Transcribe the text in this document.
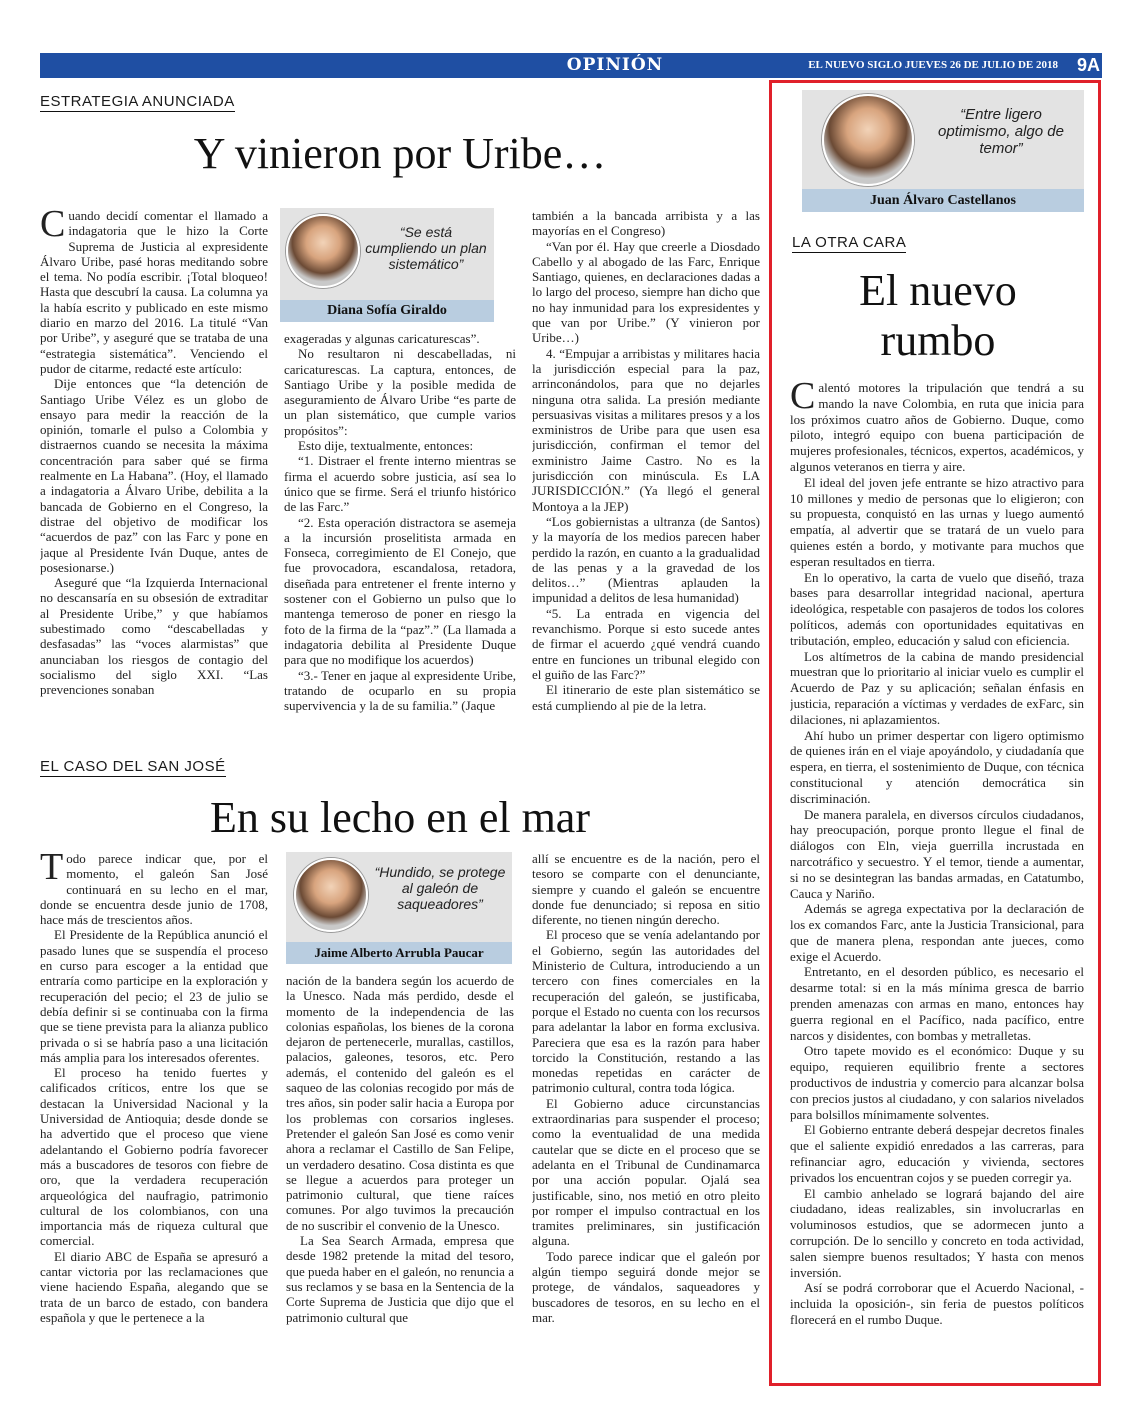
OPINIÓN	EL NUEVO SIGLO JUEVES 26 DE JULIO DE 2018 9A
ESTRATEGIA ANUNCIADA
Y vinieron por Uribe…

Cuando decidí comentar el llamado a indagatoria que le hizo la Corte Suprema de Justicia al expresidente Álvaro Uribe, pasé horas meditando sobre el tema. No podía escribir. ¡Total bloqueo! Hasta que descubrí la causa. La columna ya la había escrito y publicado en este mismo diario en marzo del 2016. La titulé “Van por Uribe”, y aseguré que se trataba de una “estrategia sistemática”. Venciendo el pudor de citarme, redacté este artículo:

Dije entonces que “la detención de Santiago Uribe Vélez es un globo de ensayo para medir la reacción de la opinión, tomarle el pulso a Colombia y distraernos cuando se necesita la máxima concentración para saber qué se firma realmente en La Habana”. (Hoy, el llamado a indagatoria a Álvaro Uribe, debilita a la bancada de Gobierno en el Congreso, la distrae del objetivo de modificar los “acuerdos de paz” con las Farc y pone en jaque al Presidente Iván Duque, antes de posesionarse.)

Aseguré que “la Izquierda Internacional no descansaría en su obsesión de extraditar al Presidente Uribe,” y que habíamos subestimado como “descabelladas y desfasadas” las “voces alarmistas” que anunciaban los riesgos de contagio del socialismo del siglo XXI. “Las prevenciones sonaban

“Se está cumpliendo un plan sistemático”
Diana Sofía Giraldo

exageradas y algunas caricaturescas”.

No resultaron ni descabelladas, ni caricaturescas. La captura, entonces, de Santiago Uribe y la posible medida de aseguramiento de Álvaro Uribe “es parte de un plan sistemático, que cumple varios propósitos”:

Esto dije, textualmente, entonces:

“1. Distraer el frente interno mientras se firma el acuerdo sobre justicia, así sea lo único que se firme. Será el triunfo histórico de las Farc.”

“2. Esta operación distractora se asemeja a la incursión proselitista armada en Fonseca, corregimiento de El Conejo, que fue provocadora, escandalosa, retadora, diseñada para entretener el frente interno y sostener con el Gobierno un pulso que lo mantenga temeroso de poner en riesgo la foto de la firma de la “paz”.” (La llamada a indagatoria debilita al Presidente Duque para que no modifique los acuerdos)

“3.- Tener en jaque al expresidente Uribe, tratando de ocuparlo en su propia supervivencia y la de su familia.” (Jaque

también a la bancada arribista y a las mayorías en el Congreso)

“Van por él. Hay que creerle a Diosdado Cabello y al abogado de las Farc, Enrique Santiago, quienes, en declaraciones dadas a lo largo del proceso, siempre han dicho que no hay inmunidad para los expresidentes y que van por Uribe.” (Y vinieron por Uribe…)

4. “Empujar a arribistas y militares hacia la jurisdicción especial para la paz, arrinconándolos, para que no dejarles ninguna otra salida. La presión mediante persuasivas visitas a militares presos y a los exministros de Uribe para que usen esa jurisdicción, confirman el temor del exministro Jaime Castro. No es la jurisdicción con minúscula. Es LA JURISDICCIÓN.” (Ya llegó el general Montoya a la JEP)

“Los gobiernistas a ultranza (de Santos) y la mayoría de los medios parecen haber perdido la razón, en cuanto a la gradualidad de las penas y a la gravedad de los delitos…” (Mientras aplauden la impunidad a delitos de lesa humanidad)

“5. La entrada en vigencia del revanchismo. Porque si esto sucede antes de firmar el acuerdo ¿qué vendrá cuando entre en funciones un tribunal elegido con el guiño de las Farc?”

El itinerario de este plan sistemático se está cumpliendo al pie de la letra.

EL CASO DEL SAN JOSÉ
En su lecho en el mar

Todo parece indicar que, por el momento, el galeón San José continuará en su lecho en el mar, donde se encuentra desde junio de 1708, hace más de trescientos años.

El Presidente de la República anunció el pasado lunes que se suspendía el proceso en curso para escoger a la entidad que entraría como participe en la exploración y recuperación del pecio; el 23 de julio se debía definir si se continuaba con la firma que se tiene prevista para la alianza publico privada o si se habría paso a una licitación más amplia para los interesados oferentes.

El proceso ha tenido fuertes y calificados críticos, entre los que se destacan la Universidad Nacional y la Universidad de Antioquia; desde donde se ha advertido que el proceso que viene adelantando el Gobierno podría favorecer más a buscadores de tesoros con fiebre de oro, que la verdadera recuperación arqueológica del naufragio, patrimonio cultural de los colombianos, con una importancia más de riqueza cultural que comercial.

El diario ABC de España se apresuró a cantar victoria por las reclamaciones que viene haciendo España, alegando que se trata de un barco de estado, con bandera española y que le pertenece a la

“Hundido, se protege al galeón de saqueadores”
Jaime Alberto Arrubla Paucar

nación de la bandera según los acuerdo de la Unesco. Nada más perdido, desde el momento de la independencia de las colonias españolas, los bienes de la corona dejaron de pertenecerle, murallas, castillos, palacios, galeones, tesoros, etc. Pero además, el contenido del galeón es el saqueo de las colonias recogido por más de tres años, sin poder salir hacia a Europa por los problemas con corsarios ingleses. Pretender el galeón San José es como venir ahora a reclamar el Castillo de San Felipe, un verdadero desatino. Cosa distinta es que se llegue a acuerdos para proteger un patrimonio cultural, que tiene raíces comunes. Por algo tuvimos la precaución de no suscribir el convenio de la Unesco.

La Sea Search Armada, empresa que desde 1982 pretende la mitad del tesoro, que pueda haber en el galeón, no renuncia a sus reclamos y se basa en la Sentencia de la Corte Suprema de Justicia que dijo que el patrimonio cultural que

allí se encuentre es de la nación, pero el tesoro se comparte con el denunciante, siempre y cuando el galeón se encuentre donde fue denunciado; si reposa en sitio diferente, no tienen ningún derecho.

El proceso que se venía adelantando por el Gobierno, según las autoridades del Ministerio de Cultura, introduciendo a un tercero con fines comerciales en la recuperación del galeón, se justificaba, porque el Estado no cuenta con los recursos para adelantar la labor en forma exclusiva. Pareciera que esa es la razón para haber torcido la Constitución, restando a las monedas repetidas en carácter de patrimonio cultural, contra toda lógica.

El Gobierno aduce circunstancias extraordinarias para suspender el proceso; como la eventualidad de una medida cautelar que se dicte en el proceso que se adelanta en el Tribunal de Cundinamarca por una acción popular. Ojalá sea justificable, sino, nos metió en otro pleito por romper el impulso contractual en los tramites preliminares, sin justificación alguna.

Todo parece indicar que el galeón por algún tiempo seguirá donde mejor se protege, de vándalos, saqueadores y buscadores de tesoros, en su lecho en el mar.

“Entre ligero optimismo, algo de temor”
Juan Álvaro Castellanos
LA OTRA CARA
El nuevo
rumbo

Calentó motores la tripulación que tendrá a su mando la nave Colombia, en ruta que inicia para los próximos cuatro años de Gobierno. Duque, como piloto, integró equipo con buena participación de mujeres profesionales, técnicos, expertos, académicos, y algunos veteranos en tierra y aire.

El ideal del joven jefe entrante se hizo atractivo para 10 millones y medio de personas que lo eligieron; con su propuesta, conquistó en las urnas y luego aumentó empatía, al advertir que se tratará de un vuelo para quienes estén a bordo, y motivante para muchos que esperan resultados en tierra.

En lo operativo, la carta de vuelo que diseñó, traza bases para desarrollar integridad nacional, apertura ideológica, respetable con pasajeros de todos los colores políticos, además con oportunidades equitativas en tributación, empleo, educación y salud con eficiencia.

Los altímetros de la cabina de mando presidencial muestran que lo prioritario al iniciar vuelo es cumplir el Acuerdo de Paz y su aplicación; señalan énfasis en justicia, reparación a víctimas y verdades de exFarc, sin dilaciones, ni aplazamientos.

Ahí hubo un primer despertar con ligero optimismo de quienes irán en el viaje apoyándolo, y ciudadanía que espera, en tierra, el sostenimiento de Duque, con técnica constitucional y atención democrática sin discriminación.

De manera paralela, en diversos círculos ciudadanos, hay preocupación, porque pronto llegue el final de diálogos con Eln, vieja guerrilla incrustada en narcotráfico y secuestro. Y el temor, tiende a aumentar, si no se desintegran las bandas armadas, en Catatumbo, Cauca y Nariño.

Además se agrega expectativa por la declaración de los ex comandos Farc, ante la Justicia Transicional, para que de manera plena, respondan ante jueces, como exige el Acuerdo.

Entretanto, en el desorden público, es necesario el desarme total: si en la más mínima gresca de barrio prenden amenazas con armas en mano, entonces hay guerra regional en el Pacífico, nada pacífico, entre narcos y disidentes, con bombas y metralletas.

Otro tapete movido es el económico: Duque y su equipo, requieren equilibrio frente a sectores productivos de industria y comercio para alcanzar bolsa con precios justos al ciudadano, y con salarios nivelados para bolsillos mínimamente solventes.

El Gobierno entrante deberá despejar decretos finales que el saliente expidió enredados a las carreras, para refinanciar agro, educación y vivienda, sectores privados los encuentran cojos y se pueden corregir ya.

El cambio anhelado se logrará bajando del aire ciudadano, ideas realizables, sin involucrarlas en voluminosos estudios, que se adormecen junto a corrupción. De lo sencillo y concreto en toda actividad, salen siempre buenos resultados; Y hasta con menos inversión.

Así se podrá corroborar que el Acuerdo Nacional, -incluida la oposición-, sin feria de puestos políticos florecerá en el rumbo Duque.
